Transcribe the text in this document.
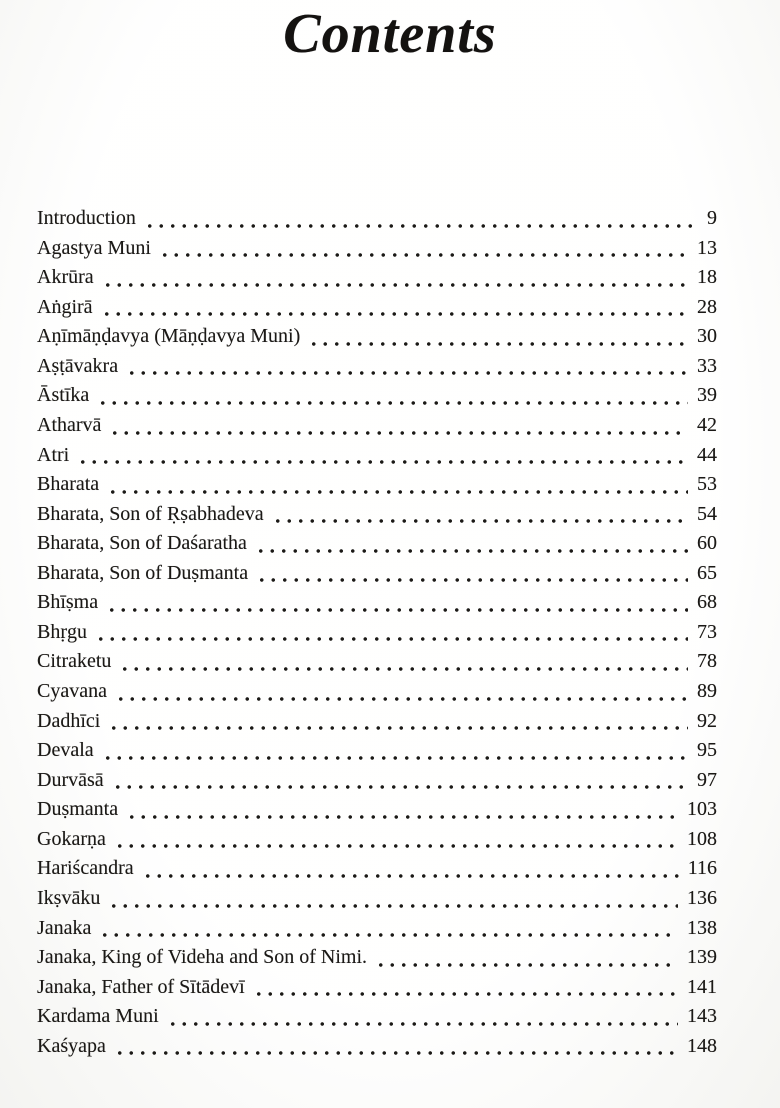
Contents
Introduction	9
Agastya Muni	13
Akrūra	18
Aṅgirā	28
Aṇīmāṇḍavya (Māṇḍavya Muni)	30
Aṣṭāvakra	33
Āstīka	39
Atharvā	42
Atri	44
Bharata	53
Bharata, Son of Ṛṣabhadeva	54
Bharata, Son of Daśaratha	60
Bharata, Son of Duṣmanta	65
Bhīṣma	68
Bhṛgu	73
Citraketu	78
Cyavana	89
Dadhīci	92
Devala	95
Durvāsā	97
Duṣmanta	103
Gokarṇa	108
Hariścandra	116
Ikṣvāku	136
Janaka	138
Janaka, King of Videha and Son of Nimi.	139
Janaka, Father of Sītādevī	141
Kardama Muni	143
Kaśyapa	148
